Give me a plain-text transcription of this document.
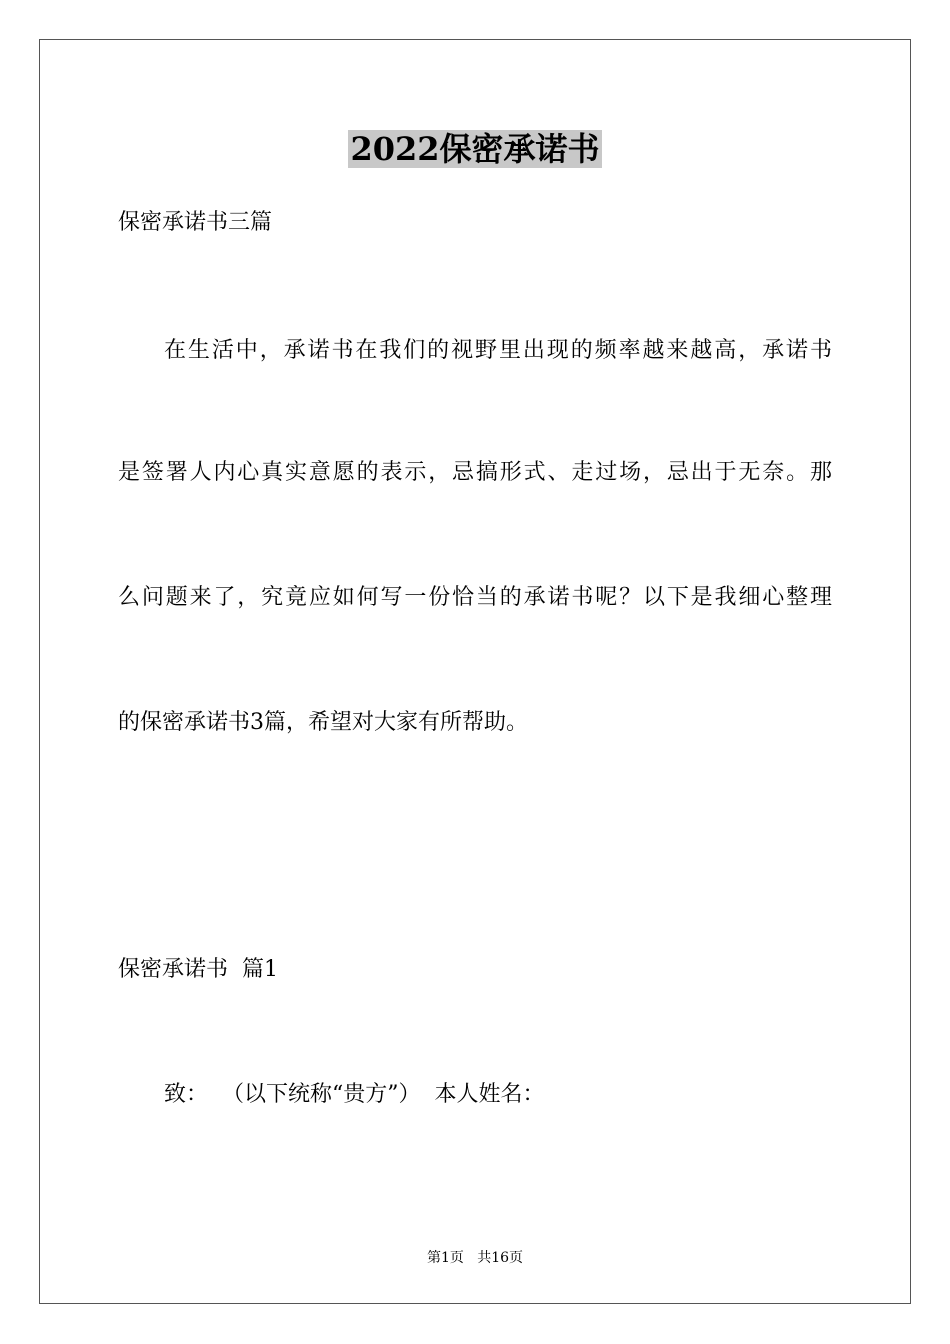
2022保密承诺书
保密承诺书三篇
在生活中，承诺书在我们的视野里出现的频率越来越高，承诺书
是签署人内心真实意愿的表示，忌搞形式、走过场，忌出于无奈。那
么问题来了，究竟应如何写一份恰当的承诺书呢？以下是我细心整理
的保密承诺书3篇，希望对大家有所帮助。
保密承诺书  篇1
致：  （以下统称“贵方”）  本人姓名：
第1页   共16页
